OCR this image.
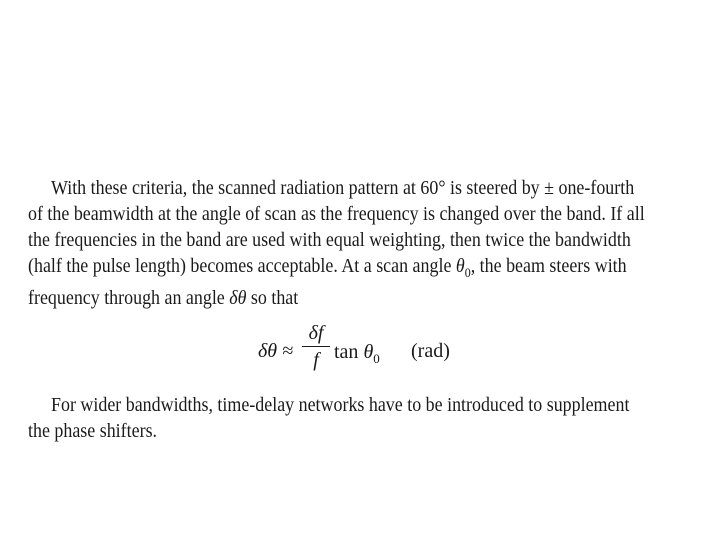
With these criteria, the scanned radiation pattern at 60° is steered by ± one-fourth
of the beamwidth at the angle of scan as the frequency is changed over the band. If all
the frequencies in the band are used with equal weighting, then twice the bandwidth
(half the pulse length) becomes acceptable. At a scan angle $\theta_0$, the beam steers with
frequency through an angle δθ so that
δθ ≈
δf
f $\tan \theta_0$ (rad)
For wider bandwidths, time-delay networks have to be introduced to supplement
the phase shifters.
